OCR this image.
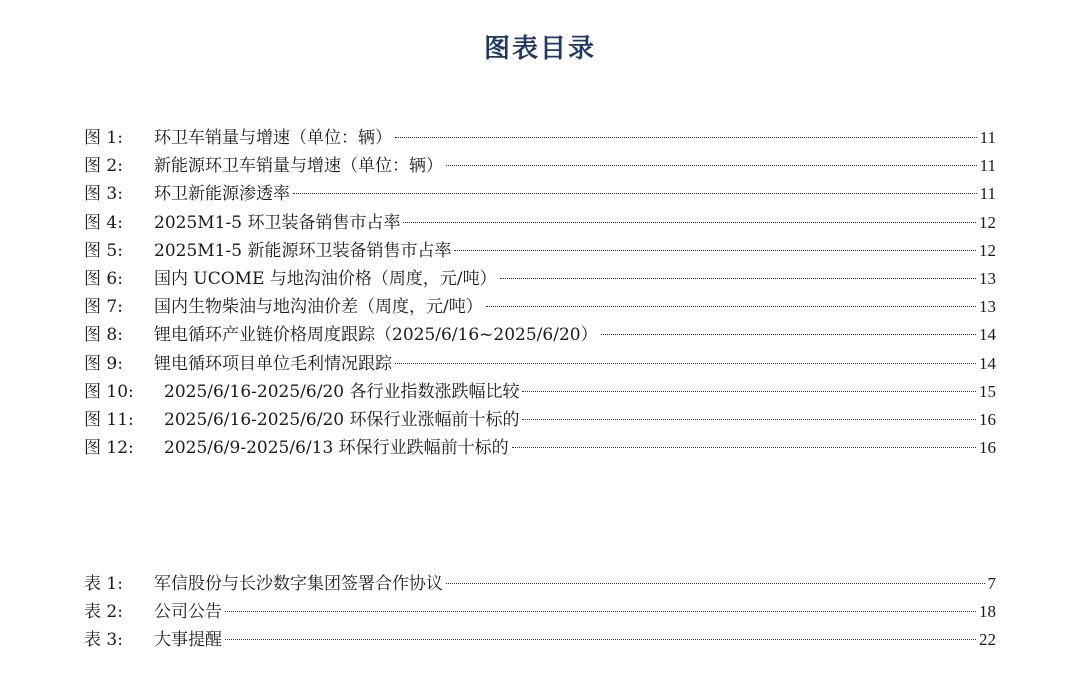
图表目录
图 1:	环卫车销量与增速（单位：辆）	11
图 2:	新能源环卫车销量与增速（单位：辆）	11
图 3:	环卫新能源渗透率	11
图 4:	2025M1-5 环卫装备销售市占率	12
图 5:	2025M1-5 新能源环卫装备销售市占率	12
图 6:	国内 UCOME 与地沟油价格（周度，元/吨）	13
图 7:	国内生物柴油与地沟油价差（周度，元/吨）	13
图 8:	锂电循环产业链价格周度跟踪（2025/6/16~2025/6/20）	14
图 9:	锂电循环项目单位毛利情况跟踪	14
图 10:	2025/6/16-2025/6/20 各行业指数涨跌幅比较	15
图 11:	2025/6/16-2025/6/20 环保行业涨幅前十标的	16
图 12:	2025/6/9-2025/6/13 环保行业跌幅前十标的	16
表 1:	军信股份与长沙数字集团签署合作协议	7
表 2:	公司公告	18
表 3:	大事提醒	22
